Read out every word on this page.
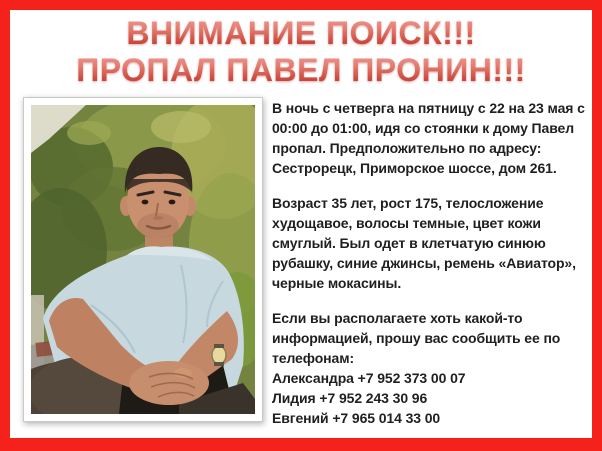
ВНИМАНИЕ ПОИСК!!!
ПРОПАЛ ПАВЕЛ ПРОНИН!!!

В ночь с четверга на пятницу с 22 на 23 мая с 00:00 до 01:00, идя со стоянки к дому Павел пропал. Предположительно по адресу: Сестрорецк, Приморское шоссе, дом 261.

Возраст 35 лет, рост 175, телосложение худощавое, волосы темные, цвет кожи смуглый. Был одет в клетчатую синюю рубашку, синие джинсы, ремень «Авиатор», черные мокасины.

Если вы располагаете хоть какой-то информацией, прошу вас сообщить ее по телефонам:

Александра +7 952 373 00 07
Лидия +7 952 243 30 96
Евгений +7 965 014 33 00
